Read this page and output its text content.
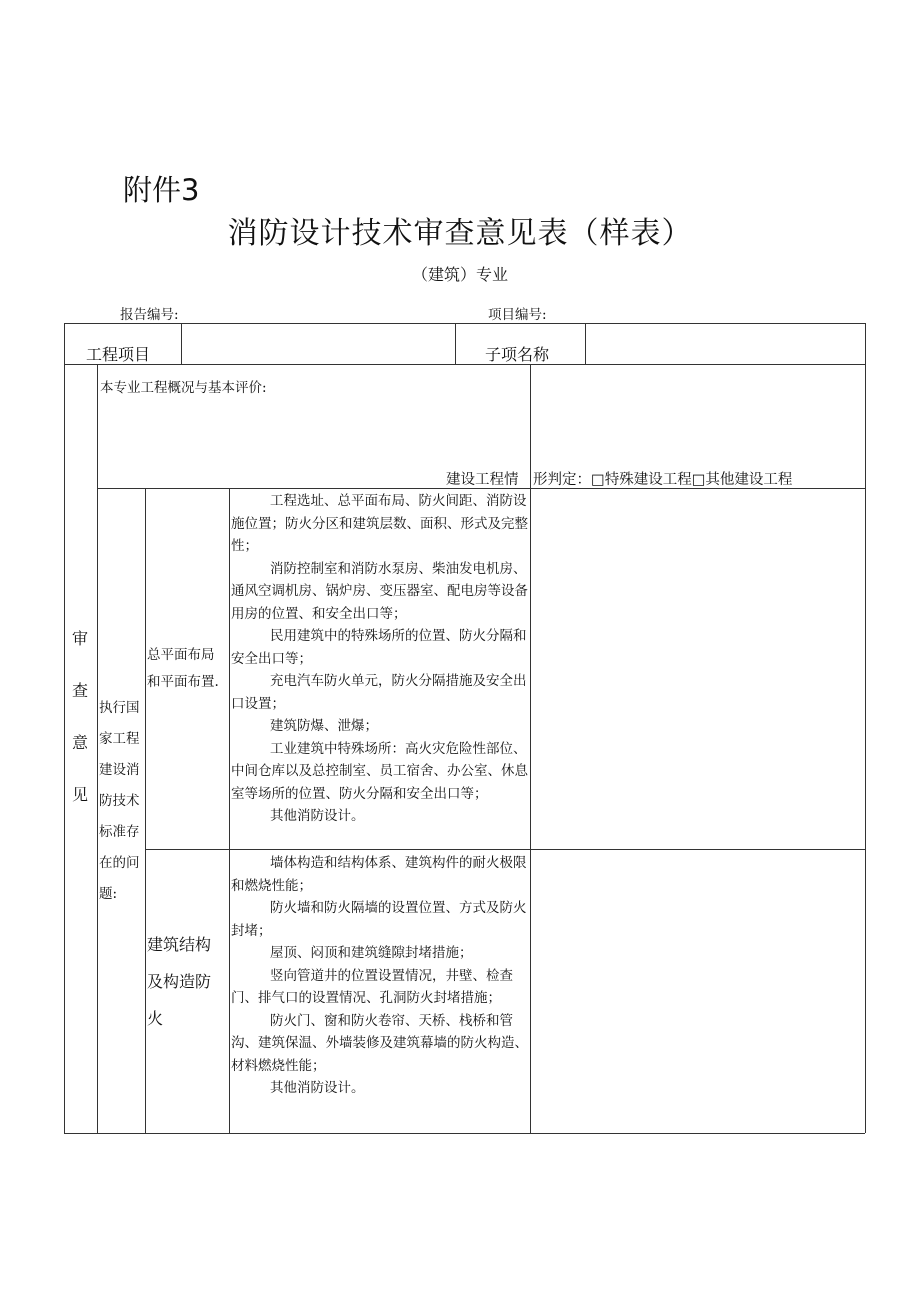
附件3
消防设计技术审查意见表（样表）
（建筑）专业
报告编号:	项目编号:
工程项目	子项名称
审
查
意
见
本专业工程概况与基本评价:
建设工程情 形判定：□特殊建设工程□其他建设工程
执行国
家工程
建设消
防技术
标准存
在的问
题:
总平面布局
和平面布置.
工程选址、总平面布局、防火间距、消防设施位置；防火分区和建筑层数、面积、形式及完整性；
消防控制室和消防水泵房、柴油发电机房、通风空调机房、锅炉房、变压器室、配电房等设备用房的位置、和安全出口等；
民用建筑中的特殊场所的位置、防火分隔和安全出口等；
充电汽车防火单元，防火分隔措施及安全出口设置；
建筑防爆、泄爆；
工业建筑中特殊场所：高火灾危险性部位、中间仓库以及总控制室、员工宿舍、办公室、休息室等场所的位置、防火分隔和安全出口等；
其他消防设计。
建筑结构
及构造防
火
墙体构造和结构体系、建筑构件的耐火极限和燃烧性能；
防火墙和防火隔墙的设置位置、方式及防火封堵；
屋顶、闷顶和建筑缝隙封堵措施；
竖向管道井的位置设置情况，井壁、检查门、排气口的设置情况、孔洞防火封堵措施；
防火门、窗和防火卷帘、天桥、栈桥和管沟、建筑保温、外墙装修及建筑幕墙的防火构造、材料燃烧性能；
其他消防设计。
